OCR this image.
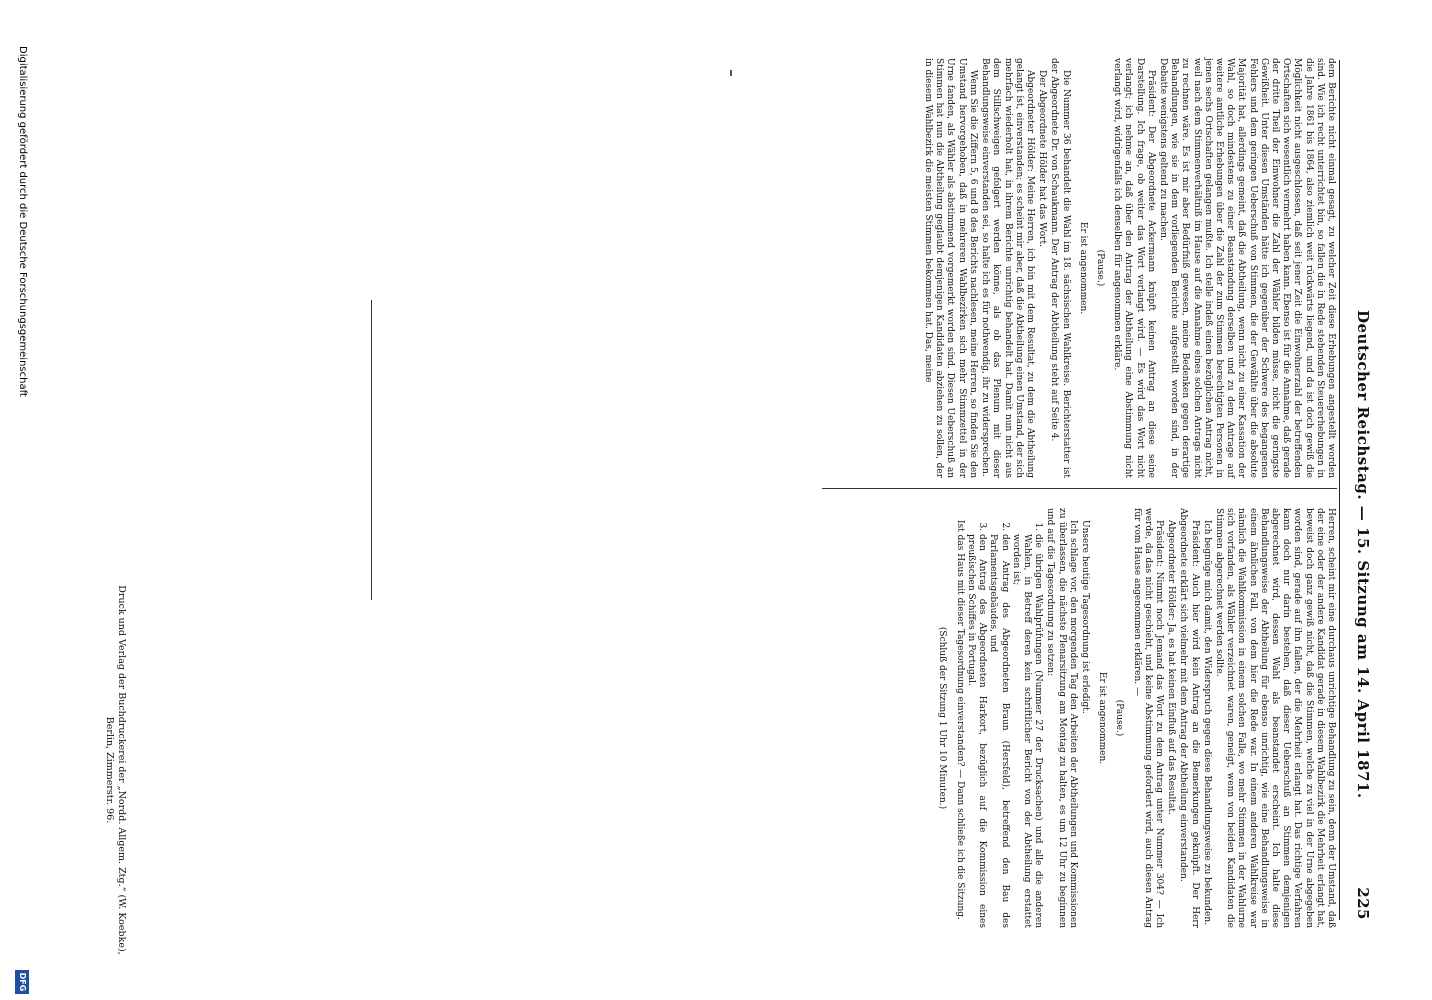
Deutscher Reichstag. — 15. Sitzung am 14. April 1871.
225

dem Berichte nicht einmal gesagt, zu welcher Zeit diese Erhebungen angestellt worden sind. Wie ich recht unterrichtet bin, so fallen die in Rede stehenden Steuererhebungen in die Jahre 1861 bis 1864, also ziemlich weit rückwärts liegend, und da ist doch gewiß die Möglichkeit nicht ausgeschlossen, daß seit jener Zeit die Einwohnerzahl der betreffenden Ortschaften sich wesentlich vermehrt haben kann. Ebenso ist für die Annahme, daß gerade der dritte Theil der Einwohner die Zahl der Wähler bilden müsse, nicht die geringste Gewißheit. Unter diesen Umständen hätte ich gegenüber der Schwere des begangenen Fehlers und dem geringen Ueberschuß von Stimmen, die der Gewählte über die absolute Majorität hat, allerdings gemeint, daß die Abtheilung, wenn nicht zu einer Kassation der Wahl, so doch mindestens zu einer Beanstandung derselben und zu dem Antrage auf weitere amtliche Erhebungen über die Zahl der zum Stimmen berechtigten Personen in jenen sechs Ortschaften gelangen mußte. Ich stelle indeß einen bezüglichen Antrag nicht, weil nach dem Stimmenverhältniß im Hause auf die Annahme eines solchen Antrags nicht zu rechnen wäre. Es ist mir aber Bedürfniß gewesen, meine Bedenken gegen derartige Behandlungen, wie sie in dem vorliegenden Berichte aufgestellt worden sind, in der Debatte wenigstens geltend zu machen.

Präsident: Der Abgeordnete Ackermann knüpft keinen Antrag an diese seine Darstellung. Ich frage, ob weiter das Wort verlangt wird. — Es wird das Wort nicht verlangt; ich nehme an, daß über den Antrag der Abtheilung eine Abstimmung nicht verlangt wird, widrigenfalls ich denselben für angenommen erkläre.

(Pause.)

Er ist angenommen.

Die Nummer 36 behandelt die Wahl im 18. sächsischen Wahlkreise. Berichterstatter ist der Abgeordnete Dr. von Schaukmann. Der Antrag der Abtheilung steht auf Seite 4.

Der Abgeordnete Hölder hat das Wort.

Abgeordneter Hölder: Meine Herren, ich bin mit dem Resultat, zu dem die Abtheilung gelangt ist, einverstanden; es scheint mir aber, daß die Abtheilung einen Umstand, der sich mehrfach wiederholt hat, in ihrem Berichte unrichtig behandelt hat. Damit nun nicht aus dem Stillschweigen gefolgert werden könne, als ob das Plenum mit dieser Behandlungsweise einverstanden sei, so halte ich es für nothwendig, ihr zu widersprechen.

Wenn Sie die Ziffern 5, 6 und 8 des Berichts nachlesen, meine Herren, so finden Sie den Umstand hervorgehoben, daß in mehreren Wahlbezirken sich mehr Stimmzettel in der Urne fanden, als Wähler als abstimmend vorgemerkt worden sind. Diesen Ueberschuß an Stimmen hat nun die Abtheilung geglaubt demjenigen Kandidaten abziehen zu sollen, der in diesem Wahlbezirk die meisten Stimmen bekommen hat. Das, meine

Herren, scheint mir eine durchaus unrichtige Behandlung zu sein, denn der Umstand, daß der eine oder der andere Kandidat gerade in diesem Wahlbezirk die Mehrheit erlangt hat, beweist doch ganz gewiß nicht, daß die Stimmen, welche zu viel in der Urne abgegeben worden sind, gerade auf ihn fallen, der die Mehrheit erlangt hat. Das richtige Verfahren kann doch nur darin bestehen, daß dieser Ueberschuß an Stimmen demjenigen abgerechnet wird, dessen Wahl als beanstandet erscheint. Ich halte diese Behandlungsweise der Abtheilung für ebenso unrichtig, wie eine Behandlungsweise in einem ähnlichen Fall, von dem hier die Rede war. In einem anderen Wahlkreise war nämlich die Wahlkommission in einem solchen Falle, wo mehr Stimmen in der Wahlurne sich vorfanden, als Wähler verzeichnet waren, geneigt, wenn von beiden Kandidaten die Stimmen abgerechnet werden sollte.

Ich begnüge mich damit, den Widerspruch gegen diese Behandlungsweise zu bekunden.

Präsident: Auch hier wird kein Antrag an die Bemerkungen geknüpft. Der Herr Abgeordnete erklärt sich vielmehr mit dem Antrag der Abtheilung einverstanden.

Abgeordneter Hölder: Ja, es hat keinen Einfluß auf das Resultat.

Präsident: Nimmt noch Jemand das Wort zu dem Antrag unter Nummer 304? — Ich werde, da das nicht geschieht, und keine Abstimmung gefordert wird, auch diesen Antrag für vom Hause angenommen erklären. —

(Pause.)

Er ist angenommen.

Unsere heutige Tagesordnung ist erledigt.

Ich schlage vor, den morgenden Tag den Arbeiten der Abtheilungen und Kommissionen zu überlassen, die nächste Plenarsitzung am Montag zu halten, es um 12 Uhr zu beginnen und auf die Tagesordnung zu setzen:

1. die übrigen Wahlprüfungen (Nummer 27 der Drucksachen) und alle die anderen Wahlen, in Betreff deren kein schriftlicher Bericht von der Abtheilung erstattet worden ist;
2. den Antrag des Abgeordneten Braun (Hersfeld), betreffend den Bau des Parlamentsgebäudes, und
3. den Antrag des Abgeordneten Harkort, bezüglich auf die Kommission eines preußischen Schiffes in Portugal.

Ist das Haus mit dieser Tagesordnung einverstanden? — Dann schließe ich die Sitzung.

(Schluß der Sitzung 1 Uhr 10 Minuten.)

Druck und Verlag der Buchdruckerei der „Nordd. Allgem. Ztg.“ (W. Koebke),

Berlin, Zimmerstr. 96.

Digitalisierung gefördert durch die Deutsche Forschungsgemeinschaft
DFG
